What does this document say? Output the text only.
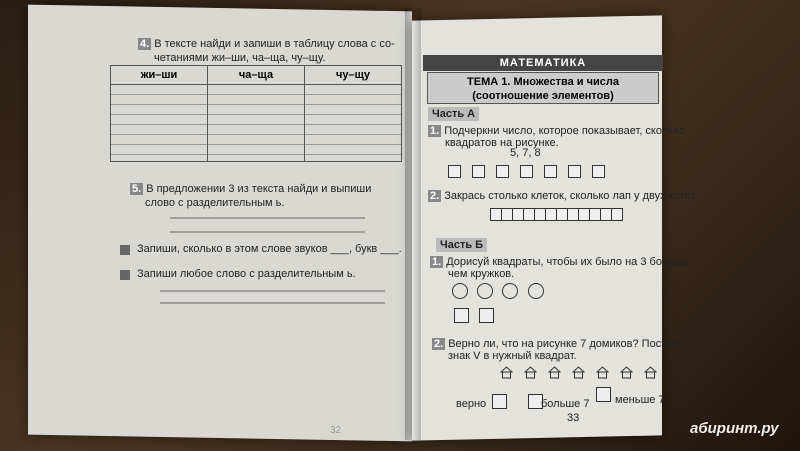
4. В тексте найди и запиши в таблицу слова с со-
четаниями жи–ши, ча–ща, чу–щу.
жи–ши	ча–ща	чу–щу
5. В предложении 3 из текста найди и выпиши
слово с разделительным ь.
Запиши, сколько в этом слове звуков ___, букв ___.
Запиши любое слово с разделительным ь.
32
МАТЕМАТИКА
ТЕМА 1. Множества и числа
(соотношение элементов)
Часть А
1. Подчеркни число, которое показывает, сколько
квадратов на рисунке.
5, 7, 8
2. Закрась столько клеток, сколько лап у двух котят.
Часть Б
1. Дорисуй квадраты, чтобы их было на 3 больше,
чем кружков.
2. Верно ли, что на рисунке 7 домиков? Поставь
знак V в нужный квадрат.
верно	больше 7 меньше 7
33
абиринт.ру
